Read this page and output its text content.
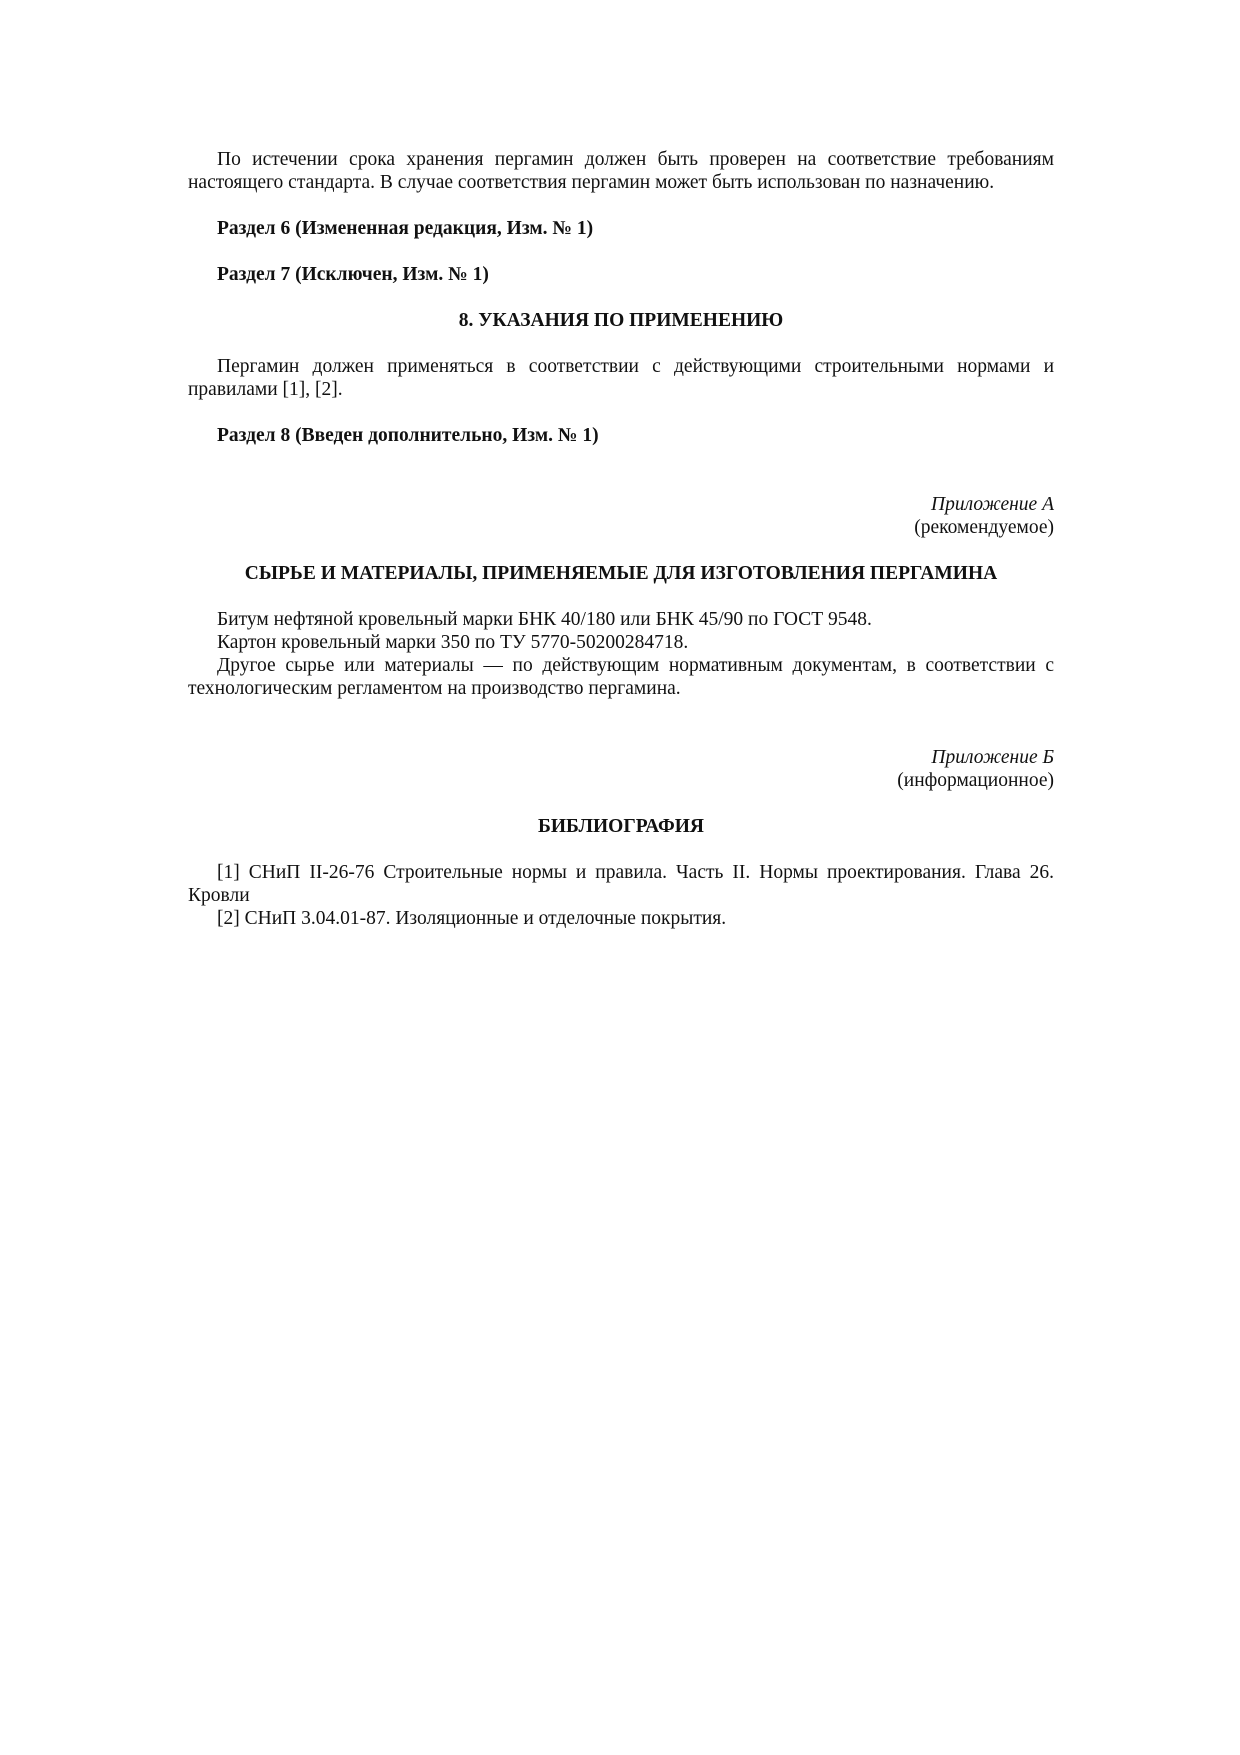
По истечении срока хранения пергамин должен быть проверен на соответствие требованиям настоящего стандарта. В случае соответствия пергамин может быть использован по назначению.

Раздел 6 (Измененная редакция, Изм. № 1)

Раздел 7 (Исключен, Изм. № 1)

8. УКАЗАНИЯ ПО ПРИМЕНЕНИЮ

Пергамин должен применяться в соответствии с действующими строительными нормами и правилами [1], [2].

Раздел 8 (Введен дополнительно, Изм. № 1)

Приложение А

(рекомендуемое)

СЫРЬЕ И МАТЕРИАЛЫ, ПРИМЕНЯЕМЫЕ ДЛЯ ИЗГОТОВЛЕНИЯ ПЕРГАМИНА

Битум нефтяной кровельный марки БНК 40/180 или БНК 45/90 по ГОСТ 9548.

Картон кровельный марки 350 по ТУ 5770-50200284718.

Другое сырье или материалы — по действующим нормативным документам, в соответствии с технологическим регламентом на производство пергамина.

Приложение Б

(информационное)

БИБЛИОГРАФИЯ

[1] СНиП II-26-76 Строительные нормы и правила. Часть II. Нормы проектирования. Глава 26. Кровли

[2] СНиП 3.04.01-87. Изоляционные и отделочные покрытия.
